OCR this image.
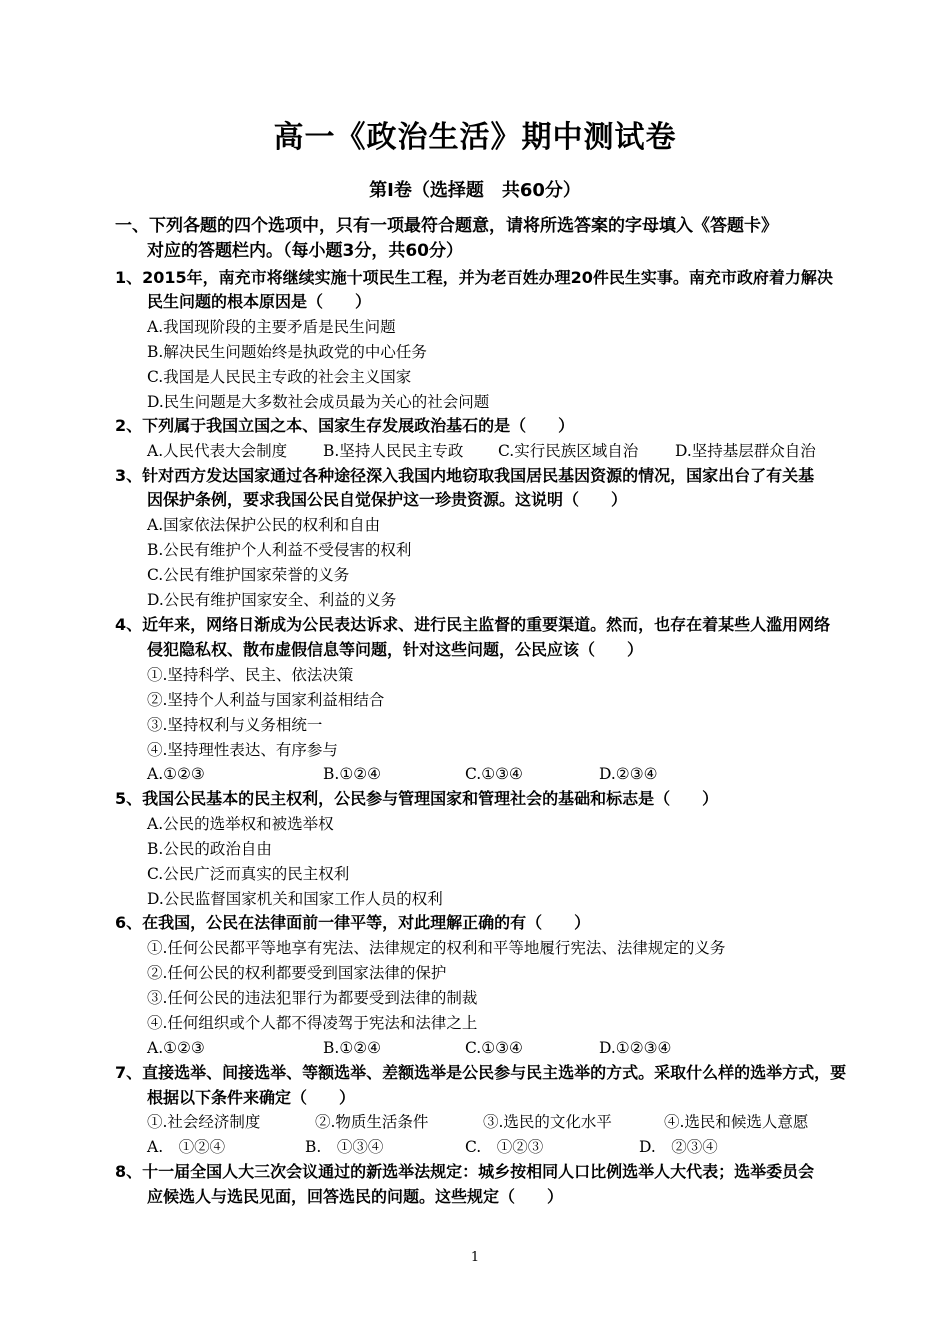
高一《政治生活》期中测试卷
第Ⅰ卷（选择题　共60分）
一、下列各题的四个选项中，只有一项最符合题意，请将所选答案的字母填入《答题卡》
对应的答题栏内。（每小题3分，共60分）
1、2015年，南充市将继续实施十项民生工程，并为老百姓办理20件民生实事。南充市政府着力解决
民生问题的根本原因是（　　）
A.我国现阶段的主要矛盾是民生问题
B.解决民生问题始终是执政党的中心任务
C.我国是人民民主专政的社会主义国家
D.民生问题是大多数社会成员最为关心的社会问题
2、下列属于我国立国之本、国家生存发展政治基石的是（　　）
A.人民代表大会制度 B.坚持人民民主专政 C.实行民族区域自治 D.坚持基层群众自治
3、针对西方发达国家通过各种途径深入我国内地窃取我国居民基因资源的情况，国家出台了有关基
因保护条例，要求我国公民自觉保护这一珍贵资源。这说明（　　）
A.国家依法保护公民的权利和自由
B.公民有维护个人利益不受侵害的权利
C.公民有维护国家荣誉的义务
D.公民有维护国家安全、利益的义务
4、近年来，网络日渐成为公民表达诉求、进行民主监督的重要渠道。然而，也存在着某些人滥用网络
侵犯隐私权、散布虚假信息等问题，针对这些问题，公民应该（　　）
①.坚持科学、民主、依法决策
②.坚持个人利益与国家利益相结合
③.坚持权利与义务相统一
④.坚持理性表达、有序参与
A.①②③	B.①②④	C.①③④	D.②③④
5、我国公民基本的民主权利，公民参与管理国家和管理社会的基础和标志是（　　）
A.公民的选举权和被选举权
B.公民的政治自由
C.公民广泛而真实的民主权利
D.公民监督国家机关和国家工作人员的权利
6、在我国，公民在法律面前一律平等，对此理解正确的有（　　）
①.任何公民都平等地享有宪法、法律规定的权利和平等地履行宪法、法律规定的义务
②.任何公民的权利都要受到国家法律的保护
③.任何公民的违法犯罪行为都要受到法律的制裁
④.任何组织或个人都不得凌驾于宪法和法律之上
A.①②③	B.①②④	C.①③④	D.①②③④
7、直接选举、间接选举、等额选举、差额选举是公民参与民主选举的方式。采取什么样的选举方式，要
根据以下条件来确定（　　）
①.社会经济制度	②.物质生活条件	③.选民的文化水平	④.选民和候选人意愿
A.　①②④	B.　①③④	C.　①②③	D.　②③④
8、十一届全国人大三次会议通过的新选举法规定：城乡按相同人口比例选举人大代表；选举委员会
应候选人与选民见面，回答选民的问题。这些规定（　　）
1
